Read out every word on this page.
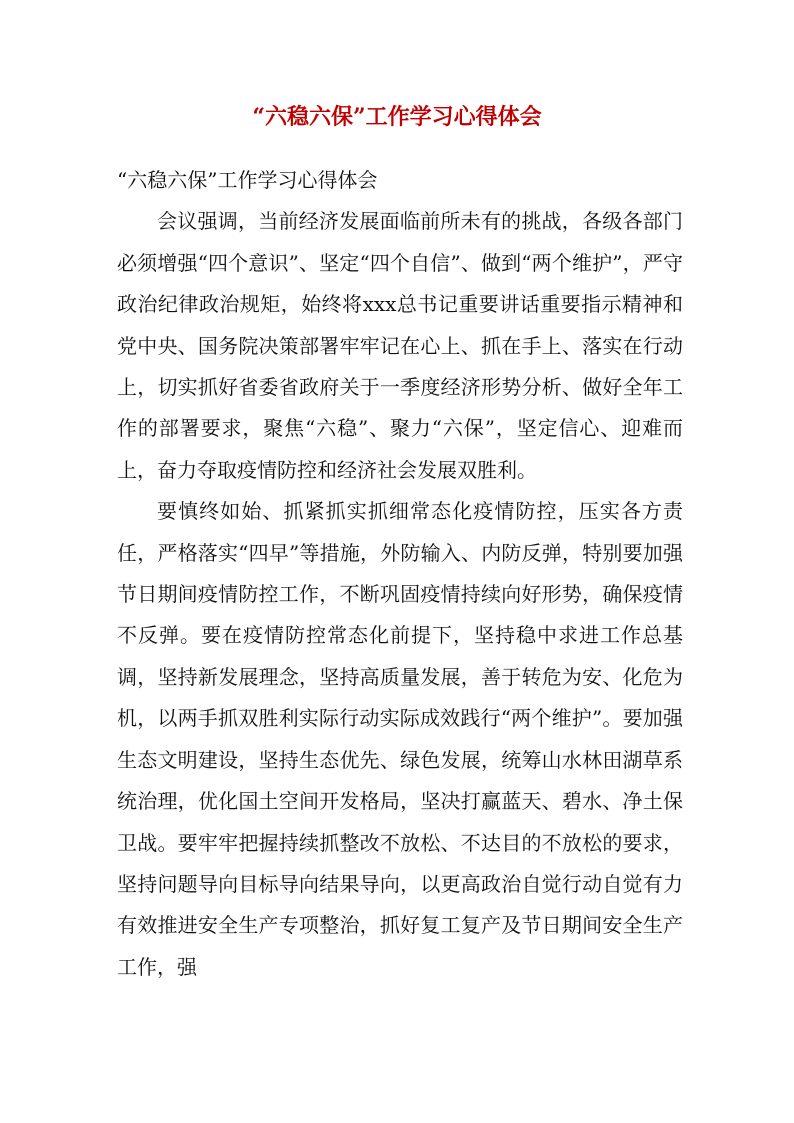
“六稳六保”工作学习心得体会

“六稳六保”工作学习心得体会

会议强调，当前经济发展面临前所未有的挑战，各级各部门必须增强“四个意识”、坚定“四个自信”、做到“两个维护”，严守政治纪律政治规矩，始终将xxx总书记重要讲话重要指示精神和党中央、国务院决策部署牢牢记在心上、抓在手上、落实在行动上，切实抓好省委省政府关于一季度经济形势分析、做好全年工作的部署要求，聚焦“六稳”、聚力“六保”，坚定信心、迎难而上，奋力夺取疫情防控和经济社会发展双胜利。

要慎终如始、抓紧抓实抓细常态化疫情防控，压实各方责任，严格落实“四早”等措施，外防输入、内防反弹，特别要加强节日期间疫情防控工作，不断巩固疫情持续向好形势，确保疫情不反弹。要在疫情防控常态化前提下，坚持稳中求进工作总基调，坚持新发展理念，坚持高质量发展，善于转危为安、化危为机，以两手抓双胜利实际行动实际成效践行“两个维护”。要加强生态文明建设，坚持生态优先、绿色发展，统筹山水林田湖草系统治理，优化国土空间开发格局，坚决打赢蓝天、碧水、净土保卫战。要牢牢把握持续抓整改不放松、不达目的不放松的要求，坚持问题导向目标导向结果导向，以更高政治自觉行动自觉有力有效推进安全生产专项整治，抓好复工复产及节日期间安全生产工作，强
